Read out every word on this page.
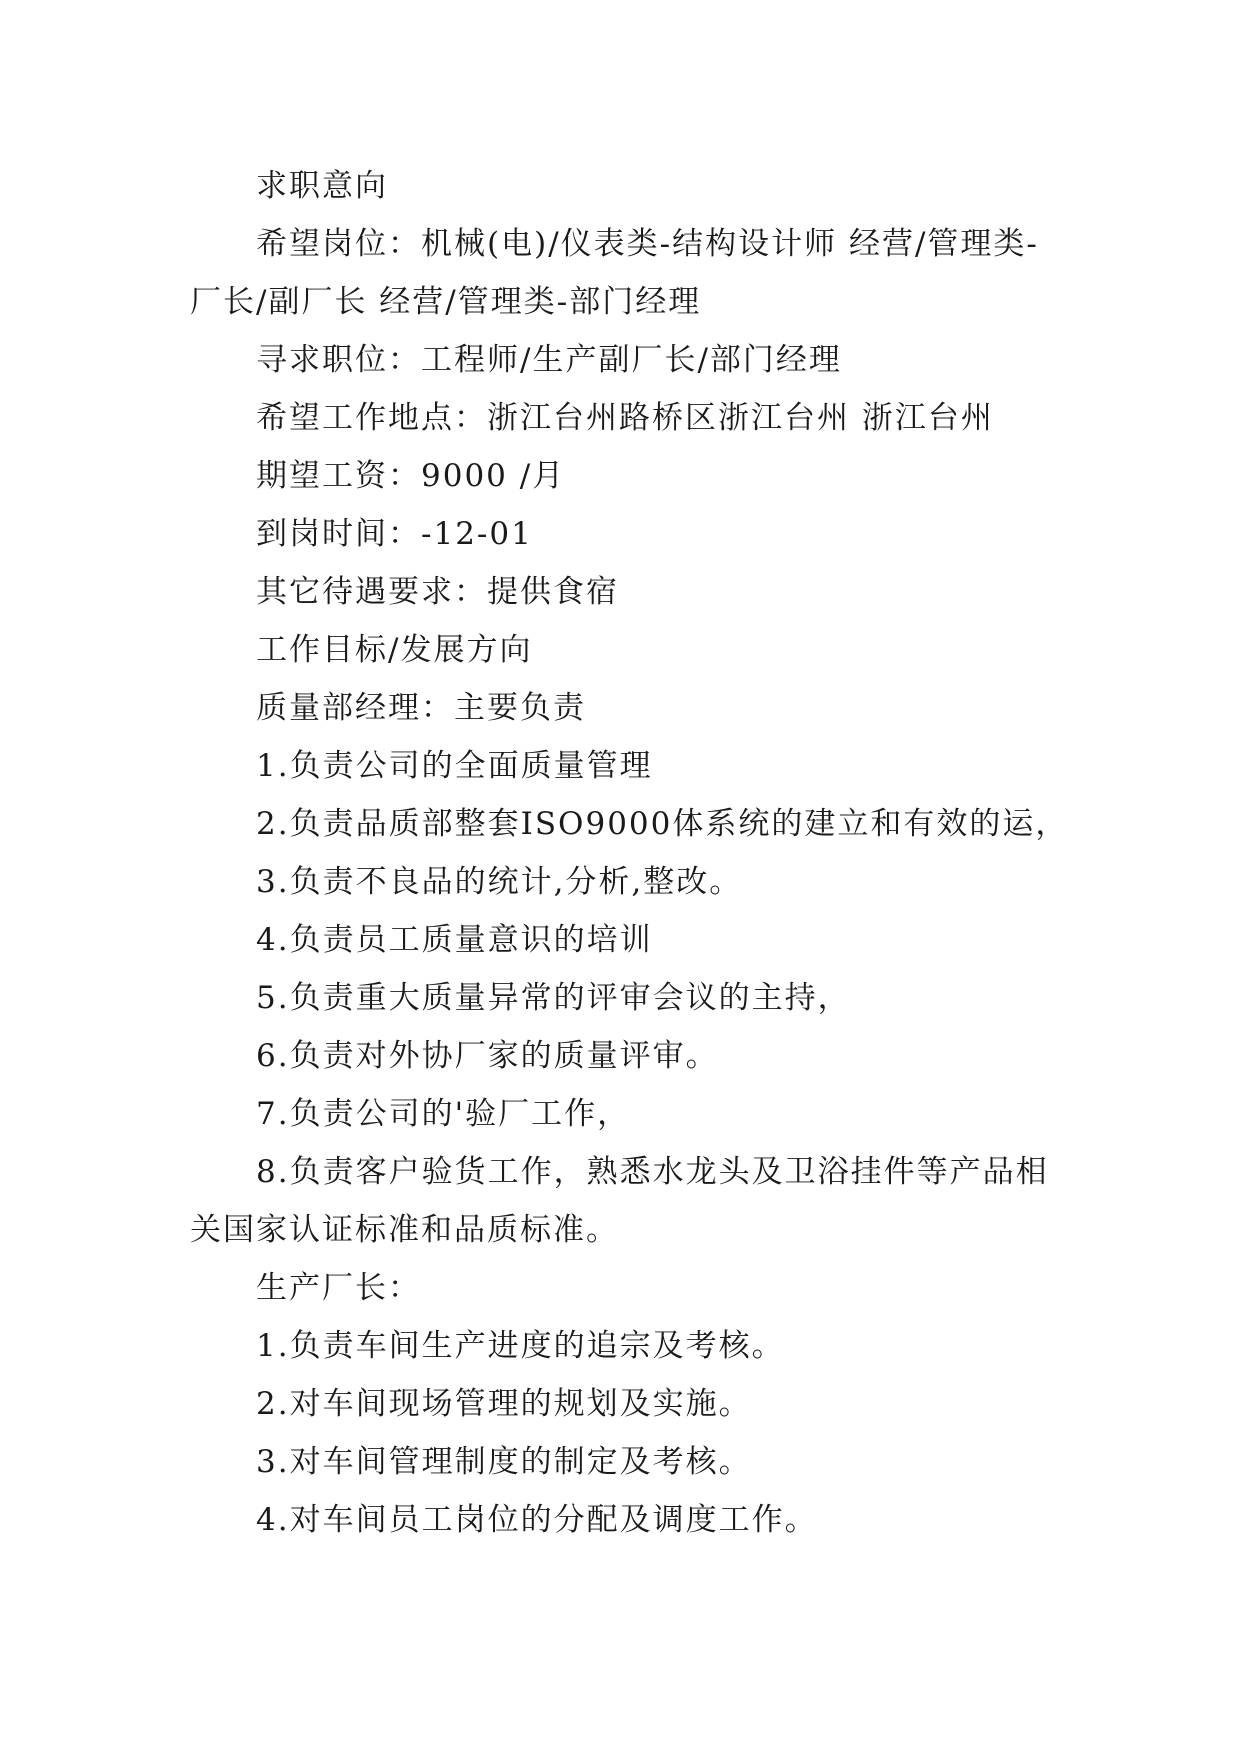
求职意向

希望岗位：机械(电)/仪表类-结构设计师 经营/管理类-厂长/副厂长 经营/管理类-部门经理

寻求职位：工程师/生产副厂长/部门经理

希望工作地点：浙江台州路桥区浙江台州 浙江台州

期望工资：9000 /月

到岗时间：-12-01

其它待遇要求：提供食宿

工作目标/发展方向

质量部经理：主要负责

1.负责公司的全面质量管理

2.负责品质部整套ISO9000体系统的建立和有效的运，

3.负责不良品的统计,分析,整改。

4.负责员工质量意识的培训

5.负责重大质量异常的评审会议的主持，

6.负责对外协厂家的质量评审。

7.负责公司的'验厂工作，

8.负责客户验货工作，熟悉水龙头及卫浴挂件等产品相关国家认证标准和品质标准。

生产厂长：

1.负责车间生产进度的追宗及考核。

2.对车间现场管理的规划及实施。

3.对车间管理制度的制定及考核。

4.对车间员工岗位的分配及调度工作。
